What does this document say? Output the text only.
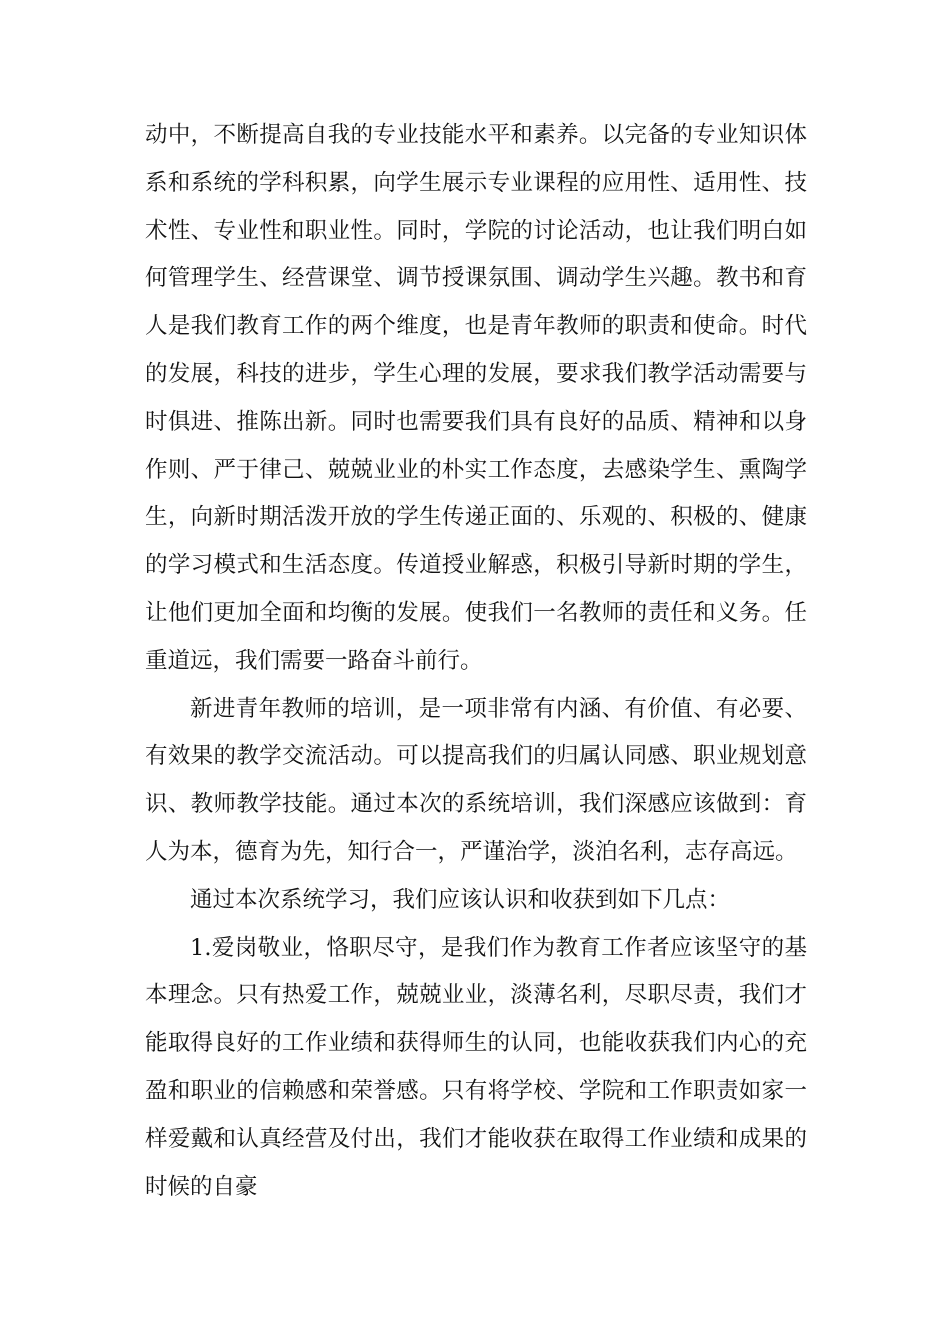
动中，不断提高自我的专业技能水平和素养。以完备的专业知识体系和系统的学科积累，向学生展示专业课程的应用性、适用性、技术性、专业性和职业性。同时，学院的讨论活动，也让我们明白如何管理学生、经营课堂、调节授课氛围、调动学生兴趣。教书和育人是我们教育工作的两个维度，也是青年教师的职责和使命。时代的发展，科技的进步，学生心理的发展，要求我们教学活动需要与时俱进、推陈出新。同时也需要我们具有良好的品质、精神和以身作则、严于律己、兢兢业业的朴实工作态度，去感染学生、熏陶学生，向新时期活泼开放的学生传递正面的、乐观的、积极的、健康的学习模式和生活态度。传道授业解惑，积极引导新时期的学生，让他们更加全面和均衡的发展。使我们一名教师的责任和义务。任重道远，我们需要一路奋斗前行。

新进青年教师的培训，是一项非常有内涵、有价值、有必要、有效果的教学交流活动。可以提高我们的归属认同感、职业规划意识、教师教学技能。通过本次的系统培训，我们深感应该做到：育人为本，德育为先，知行合一，严谨治学，淡泊名利，志存高远。

通过本次系统学习，我们应该认识和收获到如下几点：

1.爱岗敬业，恪职尽守，是我们作为教育工作者应该坚守的基本理念。只有热爱工作，兢兢业业，淡薄名利，尽职尽责，我们才能取得良好的工作业绩和获得师生的认同，也能收获我们内心的充盈和职业的信赖感和荣誉感。只有将学校、学院和工作职责如家一样爱戴和认真经营及付出，我们才能收获在取得工作业绩和成果的时候的自豪
